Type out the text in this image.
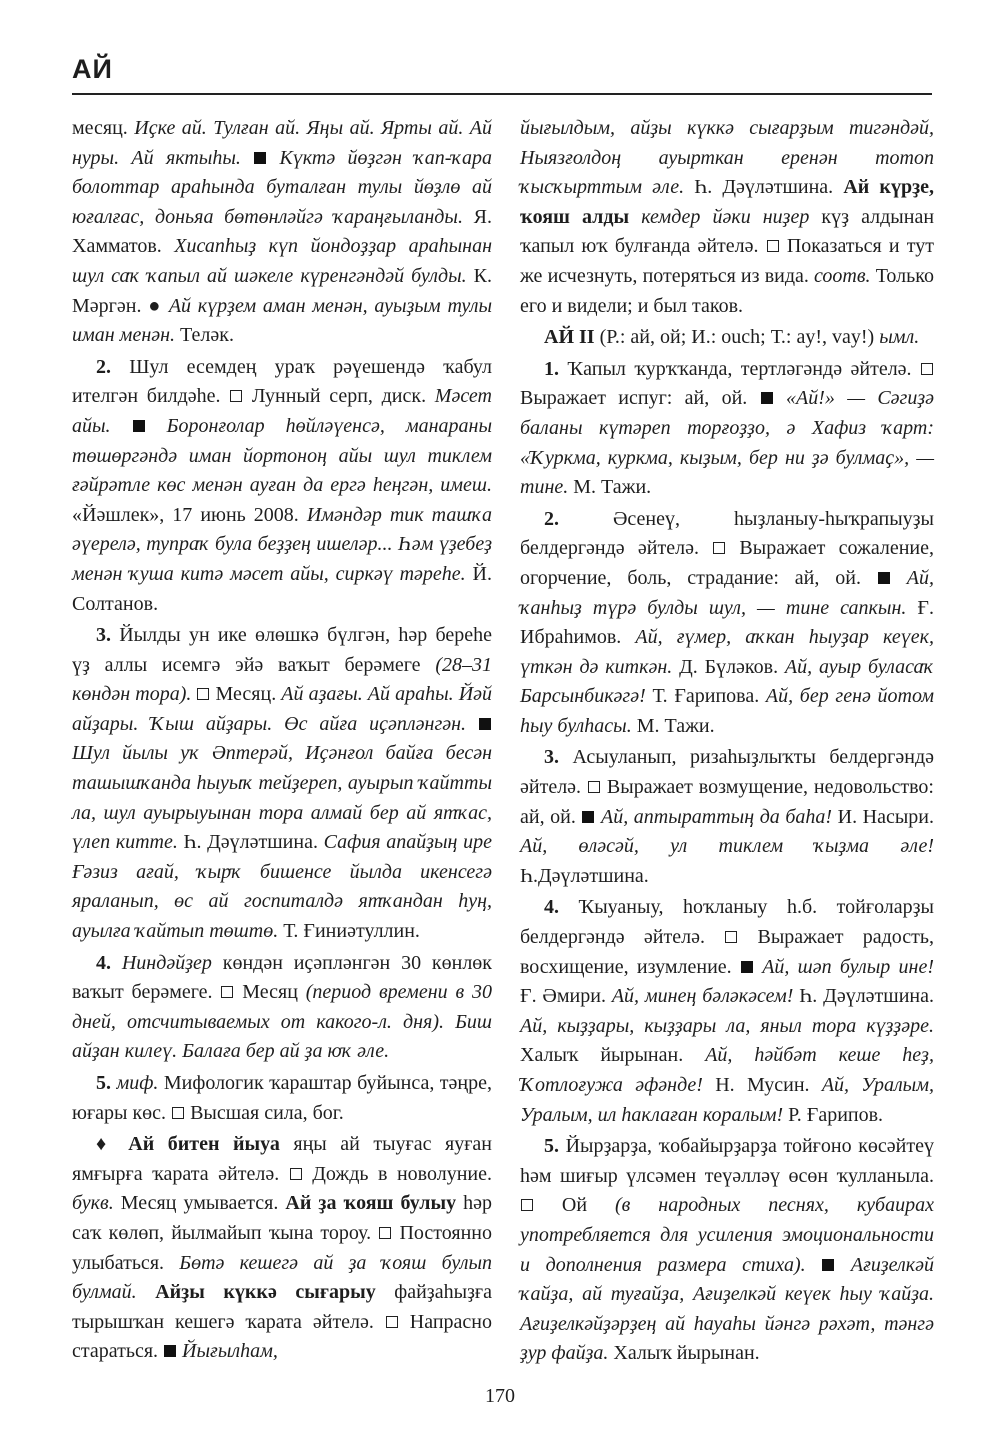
АЙ

месяц. Иҫке ай. Тулған ай. Яңы ай. Ярты ай. Ай нуры. Ай яктыһы. Күктә йөҙгән ҡап-ҡара болоттар араһында буталған тулы йөҙлө ай юғалғас, доньяа бөтөнләйгә ҡараңғыланды. Я. Хамматов. Хисапһыҙ күп йондоҙҙар араһынан шул саҡ ҡапыл ай шәкеле күренгәндәй булды. К. Мәргән. ● Ай күрҙем аман менән, ауыҙым тулы иман менән. Теләк.

2. Шул есемдең ураҡ рәүешендә ҡабул ителгән билдәһе.  Лунный серп, диск. Мәсет айы.	Боронғолар һөйләүенсә, манараны төшөргәндә иман йортоноң айы шул тиклем ғәйрәтле көс менән ауған да ергә һеңгән, имеш. «Йәшлек», 17 июнь 2008. Имәндәр тик ташҡа әүерелә, тупраҡ була беҙҙең ишеләр... Һәм үҙебеҙ менән ҡуша китә мәсет айы, сиркәү тәреһе. Й. Солтанов.

3. Йылды ун ике өлөшкә бүлгән, һәр береһе үҙ аллы исемгә эйә ваҡыт берәмеге (28–31 көндән тора).  Месяц. Ай аҙағы. Ай араһы. Йәй айҙары. Ҡыш айҙары. Өс айға иҫәпләнгән.  Шул йылы уҡ Әптерәй, Иҫәнғол байға бесән ташышҡанда һыуыҡ тейҙереп, ауырып ҡайтты ла, шул ауырыуынан тора алмай бер ай ятҡас, үлеп китте. Һ. Дәүләтшина. Сафия апайҙың ире Ғәзиз ағай, ҡырҡ бишенсе йылда икенсегә яраланып, өс ай госпиталдә ятҡандан һуң, ауылға ҡайтып төштө. Т. Ғиниәтуллин.

4. Ниндәйҙер көндән иҫәпләнгән 30 көнлөк ваҡыт берәмеге.  Месяц (период времени в 30 дней, отсчитываемых от какого-л. дня). Биш айҙан килеү. Балаға бер ай ҙа юҡ әле.

5. миф. Мифологик ҡараштар буйынса, тәңре, юғары көс.  Высшая сила, бог.

♦ Ай битен йыуа яңы ай тыуғас яуған ямғырға ҡарата әйтелә.  Дождь в новолуние. букв. Месяц умывается. Ай ҙа ҡояш булыу һәр саҡ көлөп, йылмайып ҡына тороу.  Постоянно улыбаться. Бөтә кешегә ай ҙа ҡояш булып булмай. Айҙы күккә сығарыу файҙаһыҙға тырышҡан кешегә ҡарата әйтелә.  Напрасно стараться.  Йығылһам,

йығылдым, айҙы күккә сығарҙым тигәндәй, Ныязғолдоң ауырткан еренән тотоп ҡысҡырттым әле. Һ. Дәүләтшина. Ай күрҙе, ҡояш алды кемдер йәки ниҙер күҙ алдынан ҡапыл юҡ булғанда әйтелә.  Показаться и тут же исчезнуть, потеряться из вида. соотв. Только его и видели; и был таков.

АЙ II (Р.: ай, ой; И.: ouch; Т.: ay!, vay!) ымл.

1. Ҡапыл ҡурҡҡанда, тертләгәндә әйтелә.  Выражает испуг: ай, ой.  «Ай!» — Сәгиҙә баланы күтәреп торғоҙҙо, ә Хафиз ҡарт: «Ҡуркма, куркма, кыҙым, бер ни ҙә булмаҫ», — тине. М. Тажи.

2. Әсенеү, һыҙланыу-һыҡрапыуҙы белдергәндә әйтелә.  Выражает сожаление, огорчение, боль, страдание: ай, ой.  Ай, ҡанһыҙ түрә булды шул, — тине сапкын. Ғ. Ибраһимов. Ай, ғүмер, аҡкан һыуҙар кеүек, үткән дә киткән. Д. Бүләков. Ай, ауыр буласаҡ Барсынбикәгә! Т. Ғарипова. Ай, бер генә йотом һыу булһасы. М. Тажи.

3. Асыуланып, ризаһыҙлыҡты белдергәндә әйтелә.  Выражает возмущение, недовольство: ай, ой.  Ай, аптыраттың да баһа! И. Насыри. Ай, өләсәй, ул тиклем ҡыҙма әле! Һ.Дәүләтшина.

4. Ҡыуаныу, һоҡланыу һ.б. тойғоларҙы белдергәндә әйтелә.  Выражает радость, восхищение, изумление.  Ай, шәп булыр ине! Ғ. Әмири. Ай, минең бәләкәсем! Һ. Дәүләтшина. Ай, кыҙҙары, кыҙҙары ла, яныл тора күҙҙәре. Халыҡ йырынан. Ай, һәйбәт кеше һеҙ, Ҡотлоғужа әфәнде! Н. Мусин. Ай, Уралым, Уралым, ил һаклаған коралым! Р. Ғарипов.

5. Йырҙарҙа, ҡобайырҙарҙа тойғоно көсәйтеү һәм шиғыр үлсәмен теүәлләү өсөн ҡулланыла.  Ой (в народных песнях, кубаирах употребляется для усиления эмоциональности и дополнения размера стиха). Ағиҙелкәй ҡайҙа, ай туғайҙа, Ағиҙелкәй кеүек һыу ҡайҙа. Ағиҙелкәйҙәрҙең ай һауаһы йәнгә рәхәт, тәнгә ҙур файҙа. Халыҡ йырынан.

170
